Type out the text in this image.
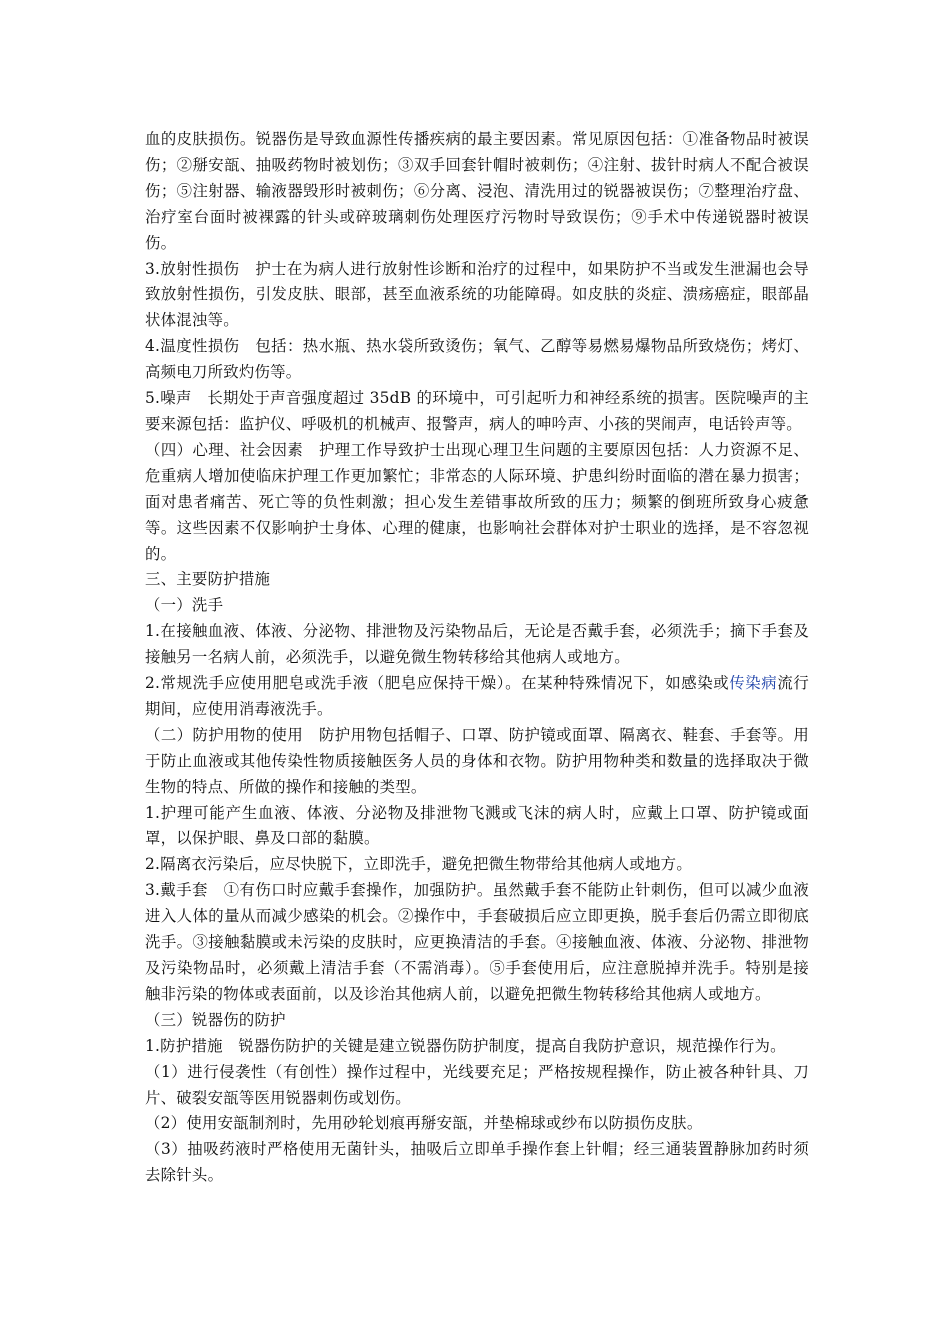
血的皮肤损伤。锐器伤是导致血源性传播疾病的最主要因素。常见原因包括：①准备物品时被误伤；②掰安瓿、抽吸药物时被划伤；③双手回套针帽时被刺伤；④注射、拔针时病人不配合被误伤；⑤注射器、输液器毁形时被刺伤；⑥分离、浸泡、清洗用过的锐器被误伤；⑦整理治疗盘、治疗室台面时被裸露的针头或碎玻璃刺伤处理医疗污物时导致误伤；⑨手术中传递锐器时被误伤。

3.放射性损伤　护士在为病人进行放射性诊断和治疗的过程中，如果防护不当或发生泄漏也会导致放射性损伤，引发皮肤、眼部，甚至血液系统的功能障碍。如皮肤的炎症、溃疡癌症，眼部晶状体混浊等。

4.温度性损伤　包括：热水瓶、热水袋所致烫伤；氧气、乙醇等易燃易爆物品所致烧伤；烤灯、高频电刀所致灼伤等。

5.噪声　长期处于声音强度超过 35dB 的环境中，可引起听力和神经系统的损害。医院噪声的主要来源包括：监护仪、呼吸机的机械声、报警声，病人的呻吟声、小孩的哭闹声，电话铃声等。

（四）心理、社会因素　护理工作导致护士出现心理卫生问题的主要原因包括：人力资源不足、危重病人增加使临床护理工作更加繁忙；非常态的人际环境、护患纠纷时面临的潜在暴力损害；面对患者痛苦、死亡等的负性刺激；担心发生差错事故所致的压力；频繁的倒班所致身心疲惫等。这些因素不仅影响护士身体、心理的健康，也影响社会群体对护士职业的选择，是不容忽视的。

三、主要防护措施

（一）洗手

1.在接触血液、体液、分泌物、排泄物及污染物品后，无论是否戴手套，必须洗手；摘下手套及接触另一名病人前，必须洗手，以避免微生物转移给其他病人或地方。

2.常规洗手应使用肥皂或洗手液（肥皂应保持干燥）。在某种特殊情况下，如感染或传染病流行期间，应使用消毒液洗手。

（二）防护用物的使用　防护用物包括帽子、口罩、防护镜或面罩、隔离衣、鞋套、手套等。用于防止血液或其他传染性物质接触医务人员的身体和衣物。防护用物种类和数量的选择取决于微生物的特点、所做的操作和接触的类型。

1.护理可能产生血液、体液、分泌物及排泄物飞溅或飞沫的病人时，应戴上口罩、防护镜或面罩，以保护眼、鼻及口部的黏膜。

2.隔离衣污染后，应尽快脱下，立即洗手，避免把微生物带给其他病人或地方。

3.戴手套　①有伤口时应戴手套操作，加强防护。虽然戴手套不能防止针刺伤，但可以减少血液进入人体的量从而减少感染的机会。②操作中，手套破损后应立即更换，脱手套后仍需立即彻底洗手。③接触黏膜或未污染的皮肤时，应更换清洁的手套。④接触血液、体液、分泌物、排泄物及污染物品时，必须戴上清洁手套（不需消毒）。⑤手套使用后，应注意脱掉并洗手。特别是接触非污染的物体或表面前，以及诊治其他病人前，以避免把微生物转移给其他病人或地方。

（三）锐器伤的防护

1.防护措施　锐器伤防护的关键是建立锐器伤防护制度，提高自我防护意识，规范操作行为。

（1）进行侵袭性（有创性）操作过程中，光线要充足；严格按规程操作，防止被各种针具、刀片、破裂安瓿等医用锐器刺伤或划伤。

（2）使用安瓿制剂时，先用砂轮划痕再掰安瓿，并垫棉球或纱布以防损伤皮肤。

（3）抽吸药液时严格使用无菌针头，抽吸后立即单手操作套上针帽；经三通装置静脉加药时须去除针头。
